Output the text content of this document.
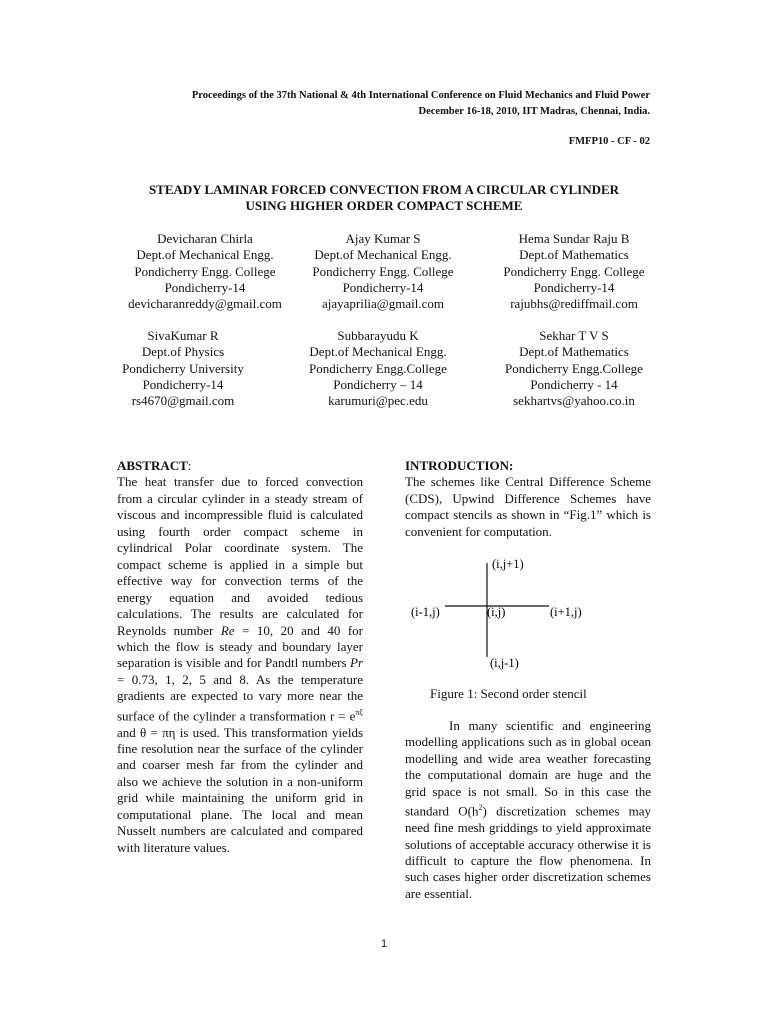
Proceedings of the 37th National & 4th International Conference on Fluid Mechanics and Fluid Power
December 16-18, 2010, IIT Madras, Chennai, India.
FMFP10 - CF - 02
STEADY LAMINAR FORCED CONVECTION FROM A CIRCULAR CYLINDER
USING HIGHER ORDER COMPACT SCHEME
Devicharan Chirla
Dept.of Mechanical Engg.
Pondicherry Engg. College
Pondicherry-14
devicharanreddy@gmail.com
Ajay Kumar S
Dept.of Mechanical Engg.
Pondicherry Engg. College
Pondicherry-14
ajayaprilia@gmail.com
Hema Sundar Raju B
Dept.of Mathematics
Pondicherry Engg. College
Pondicherry-14
rajubhs@rediffmail.com
SivaKumar R
Dept.of Physics
Pondicherry University
Pondicherry-14
rs4670@gmail.com
Subbarayudu K
Dept.of Mechanical Engg.
Pondicherry Engg.College
Pondicherry – 14
karumuri@pec.edu
Sekhar T V S
Dept.of Mathematics
Pondicherry Engg.College
Pondicherry - 14
sekhartvs@yahoo.co.in

ABSTRACT:

The heat transfer due to forced convection from a circular cylinder in a steady stream of viscous and incompressible fluid is calculated using fourth order compact scheme in cylindrical Polar coordinate system. The compact scheme is applied in a simple but effective way for convection terms of the energy equation and avoided tedious calculations. The results are calculated for Reynolds number Re = 10, 20 and 40 for which the flow is steady and boundary layer separation is visible and for Pandtl numbers Pr = 0.73, 1, 2, 5 and 8. As the temperature gradients are expected to vary more near the surface of the cylinder a transformation $r = e^{\pi\xi}$ and θ = πη is used. This transformation yields fine resolution near the surface of the cylinder and coarser mesh far from the cylinder and also we achieve the solution in a non-uniform grid while maintaining the uniform grid in computational plane. The local and mean Nusselt numbers are calculated and compared with literature values.

INTRODUCTION:

The schemes like Central Difference Scheme (CDS), Upwind Difference Schemes have compact stencils as shown in “Fig.1” which is convenient for computation.

(i,j+1)
(i-1,j)	(i,j)	(i+1,j)
(i,j-1)
Figure 1: Second order stencil

In many scientific and engineering modelling applications such as in global ocean modelling and wide area weather forecasting the computational domain are huge and the grid space is not small. So in this case the standard $O(h^2)$ discretization schemes may need fine mesh griddings to yield approximate solutions of acceptable accuracy otherwise it is difficult to capture the flow phenomena. In such cases higher order discretization schemes are essential.

1
